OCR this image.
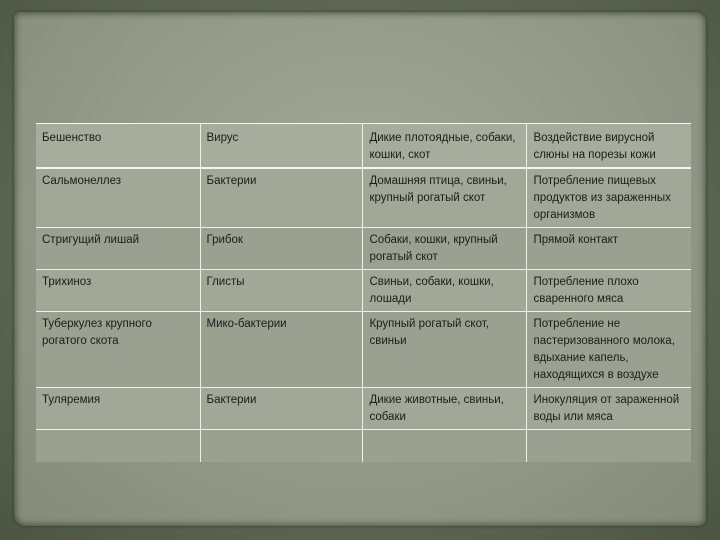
Бешенство	Вирус	Дикие плотоядные, собаки, кошки, скот	Воздействие вирусной слюны на порезы кожи
Сальмонеллез	Бактерии	Домашняя птица, свиньи, крупный рогатый скот	Потребление пищевых продуктов из зараженных организмов
Стригущий лишай	Грибок	Собаки, кошки, крупный рогатый скот	Прямой контакт
Трихиноз	Глисты	Свиньи, собаки, кошки, лошади	Потребление плохо сваренного мяса
Туберкулез крупного рогатого скота	Мико-бактерии	Крупный рогатый скот, свиньи	Потребление не пастеризованного молока, вдыхание капель, находящихся в воздухе
Туляремия	Бактерии	Дикие животные, свиньи, собаки	Инокуляция от зараженной воды или мяса
